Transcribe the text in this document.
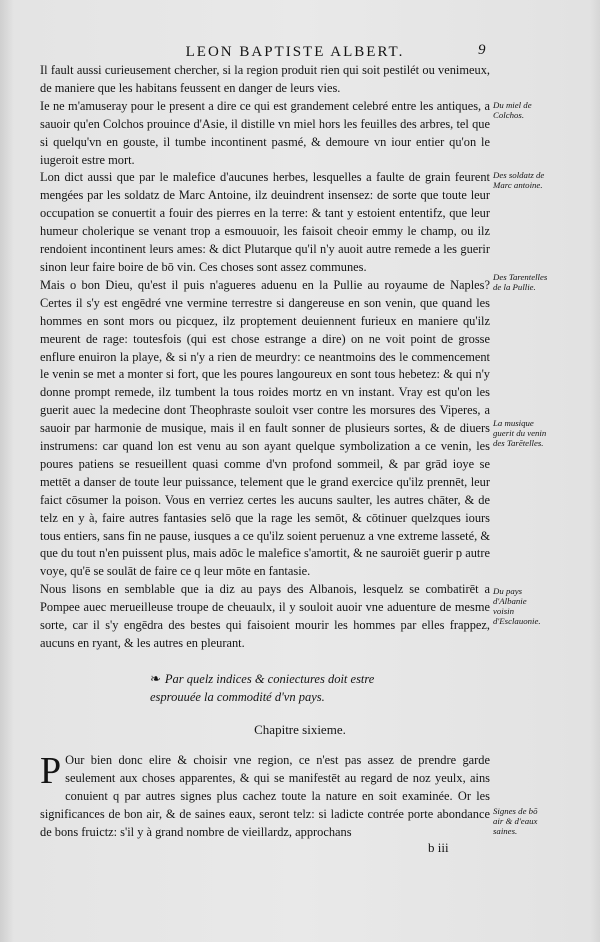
LEON BAPTISTE ALBERT.	9

Il fault aussi curieusement chercher, si la region produit rien qui soit pestilét ou venimeux, de maniere que les habitans feussent en danger de leurs vies.

Ie ne m'amuseray pour le present a dire ce qui est grandement celebré entre les antiques, a sauoir qu'en Colchos prouince d'Asie, il distille vn miel hors les feuilles des arbres, tel que si quelqu'vn en gouste, il tumbe incontinent pasmé, & demoure vn iour entier qu'on le iugeroit estre mort.

Lon dict aussi que par le malefice d'aucunes herbes, lesquelles a faulte de grain feurent mengées par les soldatz de Marc Antoine, ilz deuindrent insensez: de sorte que toute leur occupation se conuertit a fouir des pierres en la terre: & tant y estoient ententifz, que leur humeur cholerique se venant trop a esmouuoir, les faisoit cheoir emmy le champ, ou ilz rendoient incontinent leurs ames: & dict Plutarque qu'il n'y auoit autre remede a les guerir sinon leur faire boire de bō vin. Ces choses sont assez communes.

Mais o bon Dieu, qu'est il puis n'agueres aduenu en la Pullie au royaume de Naples? Certes il s'y est engēdré vne vermine terrestre si dangereuse en son venin, que quand les hommes en sont mors ou picquez, ilz proptement deuiennent furieux en maniere qu'ilz meurent de rage: toutesfois (qui est chose estrange a dire) on ne voit point de grosse enflure enuiron la playe, & si n'y a rien de meurdry: ce neantmoins des le commencement le venin se met a monter si fort, que les poures langoureux en sont tous hebetez: & qui n'y donne prompt remede, ilz tumbent la tous roides mortz en vn instant. Vray est qu'on les guerit auec la medecine dont Theophraste souloit vser contre les morsures des Viperes, a sauoir par harmonie de musique, mais il en fault sonner de plusieurs sortes, & de diuers instrumens: car quand lon est venu au son ayant quelque symbolization a ce venin, les poures patiens se resueillent quasi comme d'vn profond sommeil, & par grād ioye se mettēt a danser de toute leur puissance, telement que le grand exercice qu'ilz prennēt, leur faict cōsumer la poison. Vous en verriez certes les aucuns saulter, les autres chāter, & de telz en y à, faire autres fantasies selō que la rage les semōt, & cōtinuer quelzques iours tous entiers, sans fin ne pause, iusques a ce qu'ilz soient peruenuz a vne extreme lasseté, & que du tout n'en puissent plus, mais adōc le malefice s'amortit, & ne sauroiēt guerir p autre voye, qu'ē se soulāt de faire ce q leur mōte en fantasie.

Nous lisons en semblable que ia diz au pays des Albanois, lesquelz se combatirēt a Pompee auec merueilleuse troupe de cheuaulx, il y souloit auoir vne aduenture de mesme sorte, car il s'y engēdra des bestes qui faisoient mourir les hommes par elles frappez, aucuns en ryant, & les autres en pleurant.

Du miel de Colchos.
Des soldatz de Marc antoine.
Des Tarentelles de la Pullie.
La musique guerit du venin des Tarētelles.
Du pays d'Albanie voisin d'Esclauonie.
Signes de bō air & d'eaux saines.
❧ Par quelz indices & coniectures doit estre esprouuée la commodité d'vn pays.
Chapitre sixieme.

P Our bien donc elire & choisir vne region, ce n'est pas assez de prendre garde seulement aux choses apparentes, & qui se manifestēt au regard de noz yeulx, ains conuient q par autres signes plus cachez toute la nature en soit examinée. Or les significances de bon air, & de saines eaux, seront telz: si ladicte contrée porte abondance de bons fruictz: s'il y à grand nombre de vieillardz, approchans

b iii
